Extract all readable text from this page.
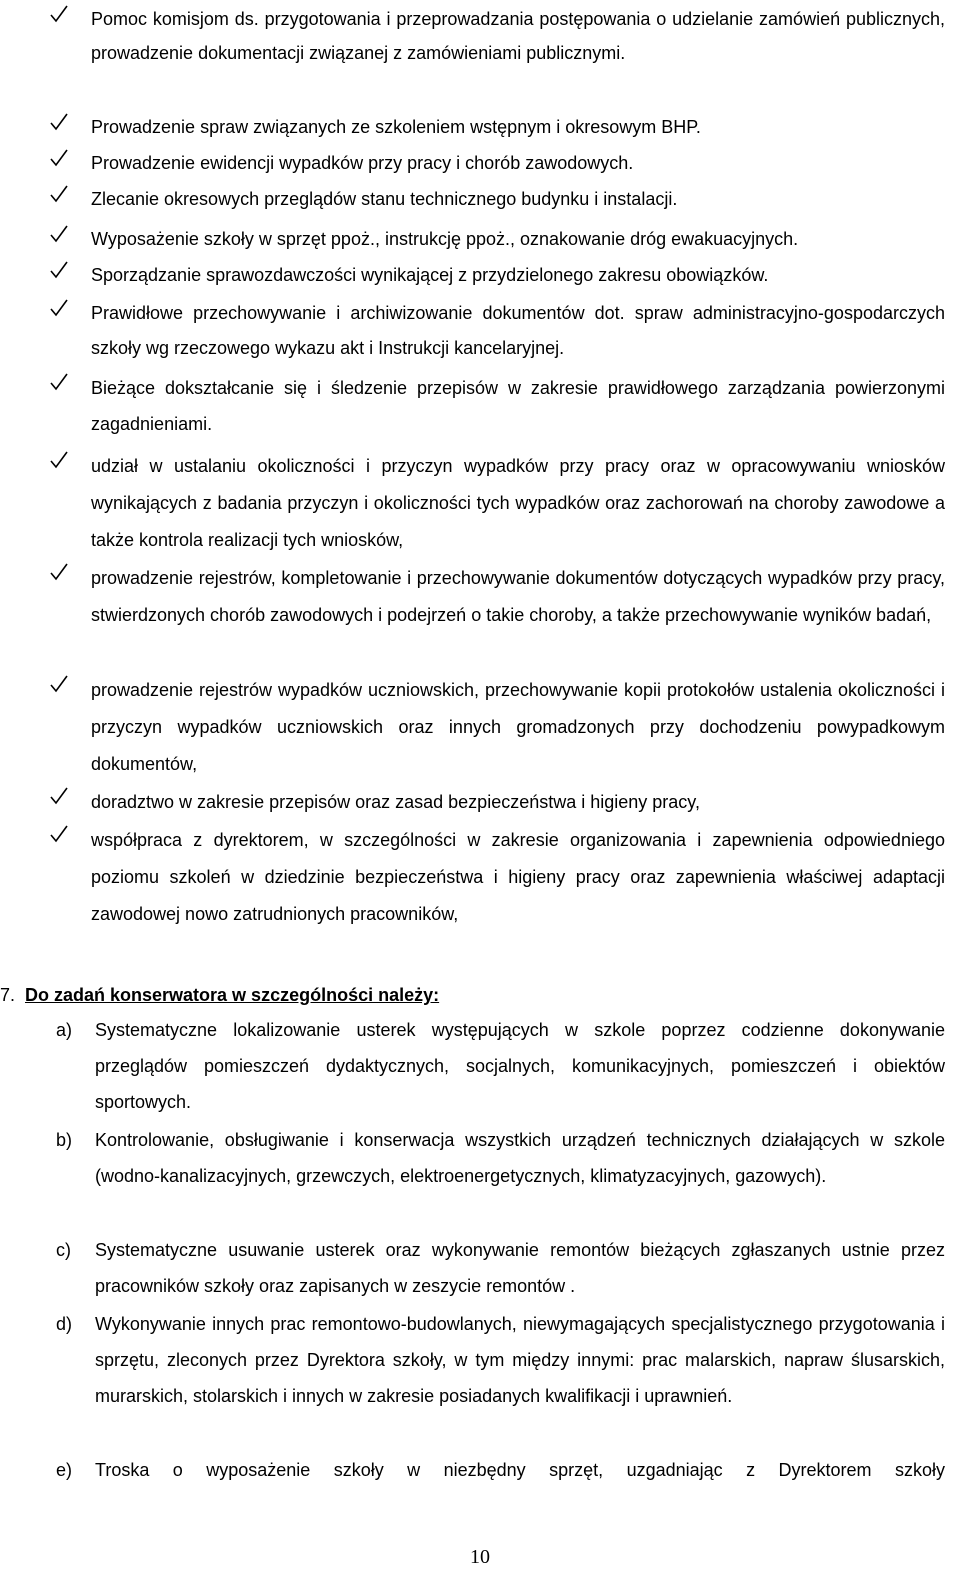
Pomoc komisjom ds. przygotowania i przeprowadzania postępowania o udzielanie zamówień publicznych, prowadzenie dokumentacji związanej z zamówieniami publicznymi.
Prowadzenie spraw związanych ze szkoleniem wstępnym i okresowym BHP.
Prowadzenie ewidencji wypadków przy pracy i chorób zawodowych.
Zlecanie okresowych przeglądów stanu technicznego budynku i instalacji.
Wyposażenie szkoły w sprzęt ppoż., instrukcję ppoż., oznakowanie dróg ewakuacyjnych.
Sporządzanie sprawozdawczości wynikającej z przydzielonego zakresu obowiązków.
Prawidłowe przechowywanie i archiwizowanie dokumentów dot. spraw administracyjno-gospodarczych szkoły wg rzeczowego wykazu akt i Instrukcji kancelaryjnej.
Bieżące dokształcanie się i śledzenie przepisów w zakresie prawidłowego zarządzania powierzonymi zagadnieniami.
udział w ustalaniu okoliczności i przyczyn wypadków przy pracy oraz w opracowywaniu wniosków wynikających z badania przyczyn i okoliczności tych wypadków oraz zachorowań na choroby zawodowe a także kontrola realizacji tych wniosków,
prowadzenie rejestrów, kompletowanie i przechowywanie dokumentów dotyczących wypadków przy pracy, stwierdzonych chorób zawodowych i podejrzeń o takie choroby, a także przechowywanie wyników badań,
prowadzenie rejestrów wypadków uczniowskich, przechowywanie kopii protokołów ustalenia okoliczności i przyczyn wypadków uczniowskich oraz innych gromadzonych przy dochodzeniu powypadkowym dokumentów,
doradztwo w zakresie przepisów oraz zasad bezpieczeństwa i higieny pracy,
współpraca z dyrektorem, w szczególności w zakresie organizowania i zapewnienia odpowiedniego poziomu szkoleń w dziedzinie bezpieczeństwa i higieny pracy oraz zapewnienia właściwej adaptacji zawodowej nowo zatrudnionych pracowników,
7. Do zadań konserwatora w szczególności należy:
a) Systematyczne lokalizowanie usterek występujących w szkole poprzez codzienne dokonywanie przeglądów pomieszczeń dydaktycznych, socjalnych, komunikacyjnych, pomieszczeń i obiektów sportowych.
b) Kontrolowanie, obsługiwanie i konserwacja wszystkich urządzeń technicznych działających w szkole (wodno-kanalizacyjnych, grzewczych, elektroenergetycznych, klimatyzacyjnych, gazowych).
c) Systematyczne usuwanie usterek oraz wykonywanie remontów bieżących zgłaszanych ustnie przez pracowników szkoły oraz zapisanych w zeszycie remontów .
d) Wykonywanie innych prac remontowo-budowlanych, niewymagających specjalistycznego przygotowania i sprzętu, zleconych przez Dyrektora szkoły, w tym między innymi: prac malarskich, napraw ślusarskich, murarskich, stolarskich i innych w zakresie posiadanych kwalifikacji i uprawnień.
e) Troska o wyposażenie szkoły w niezbędny sprzęt, uzgadniając z Dyrektorem szkoły
10
